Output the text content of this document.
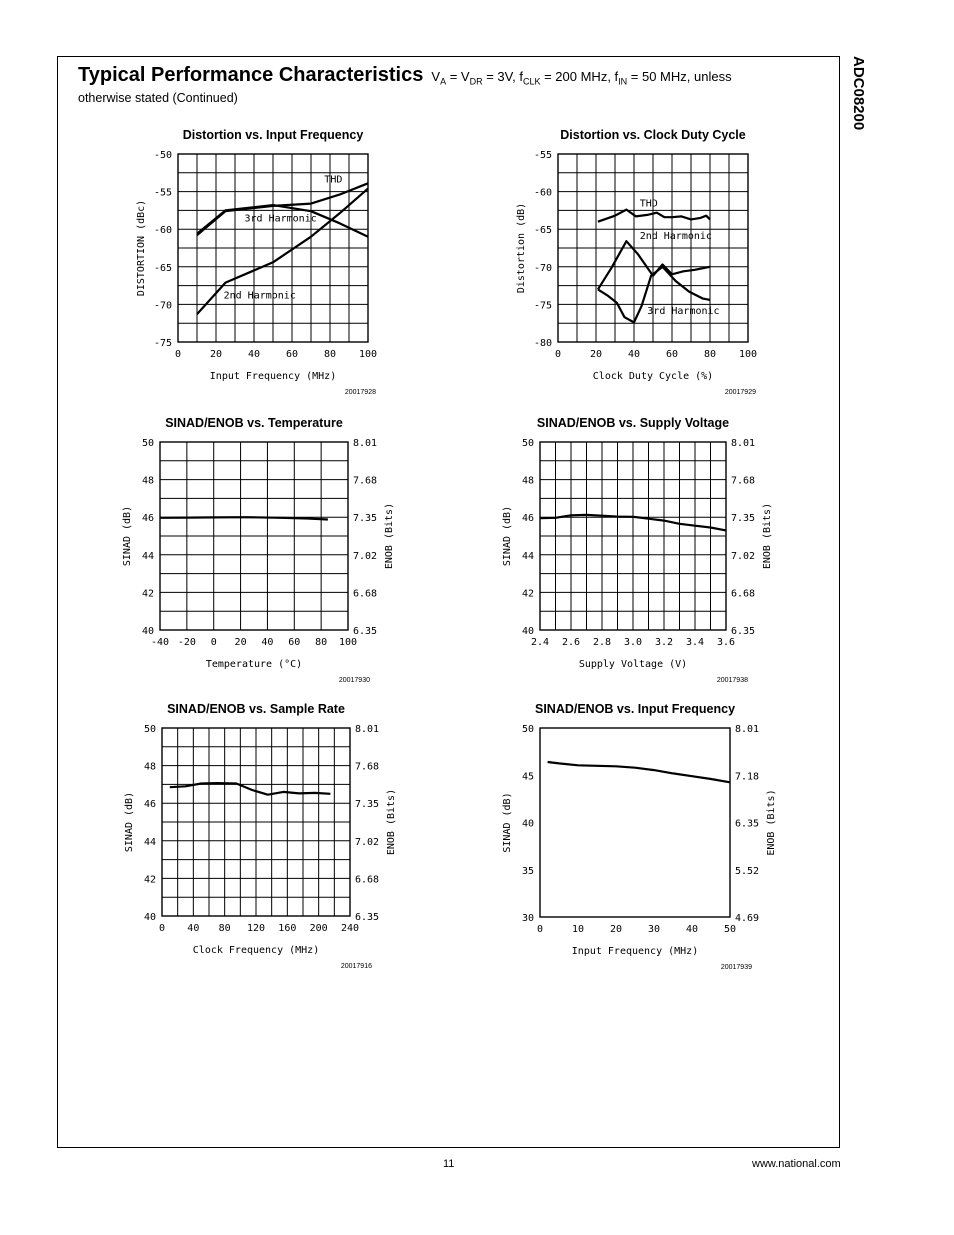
ADC08200
Typical Performance Characteristics $V_A = V_{DR} = 3V$, $f_{CLK} = 200$ MHz, $f_{IN} = 50$ MHz, unless
otherwise stated (Continued)
Distortion vs. Input Frequency
0	20	40	60	80 100
-50
-55
-60
-65
-70
-75
Input Frequency (MHz)
DISTORTION (dBc)
THD
3rd Harmonic
2nd Harmonic
20017928
Distortion vs. Clock Duty Cycle
0	20	40	60	80 100
-55
-60
-65
-70
-75
-80
Clock Duty Cycle (%)
Distortion (dB)	THD
2nd Harmonic
3rd Harmonic
20017929
SINAD/ENOB vs. Temperature
-40 -20 0 20 40 60 80 100
50
48
46
44
42
40
8.01
7.68
7.35
7.02
6.68
6.35
Temperature (°C)
SINAD (dB)	ENOB (Bits)
20017930
SINAD/ENOB vs. Supply Voltage
2.4 2.6 2.8 3.0 3.2 3.4 3.6
50
48
46
44
42
40
8.01
7.68
7.35
7.02
6.68
6.35
Supply Voltage (V)
SINAD (dB)	ENOB (Bits)
20017938
SINAD/ENOB vs. Sample Rate
0 40 80 120 160 200 240
50
48
46
44
42
40
8.01
7.68
7.35
7.02
6.68
6.35
Clock Frequency (MHz)
SINAD (dB)	ENOB (Bits)
20017916
SINAD/ENOB vs. Input Frequency
0	10	20	30	40	50
50
45
40
35
30
8.01
7.18
6.35
5.52
4.69
Input Frequency (MHz)
SINAD (dB)	ENOB (Bits)
20017939
11	www.national.com
